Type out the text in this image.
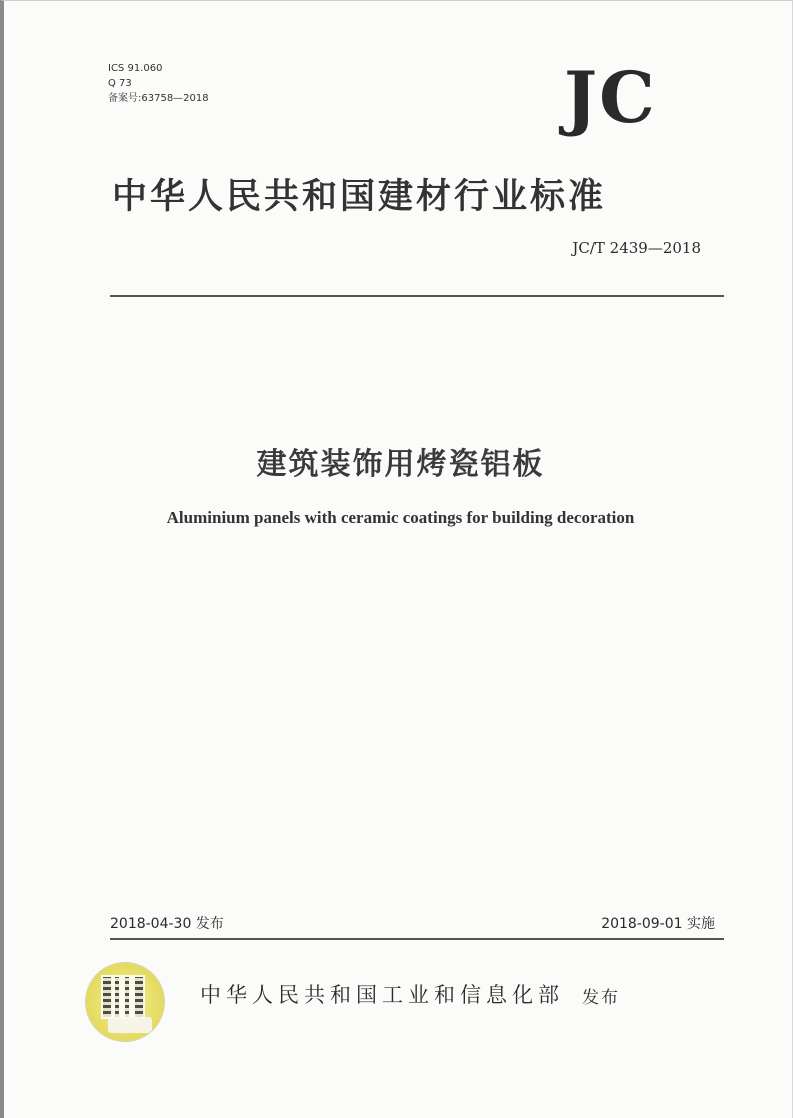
ICS 91.060
Q 73
备案号:63758—2018	JC
中华人民共和国建材行业标准
JC/T 2439—2018
建筑装饰用烤瓷铝板
Aluminium panels with ceramic coatings for building decoration
2018-04-30 发布	2018-09-01 实施
中华人民共和国工业和信息化部 发布
